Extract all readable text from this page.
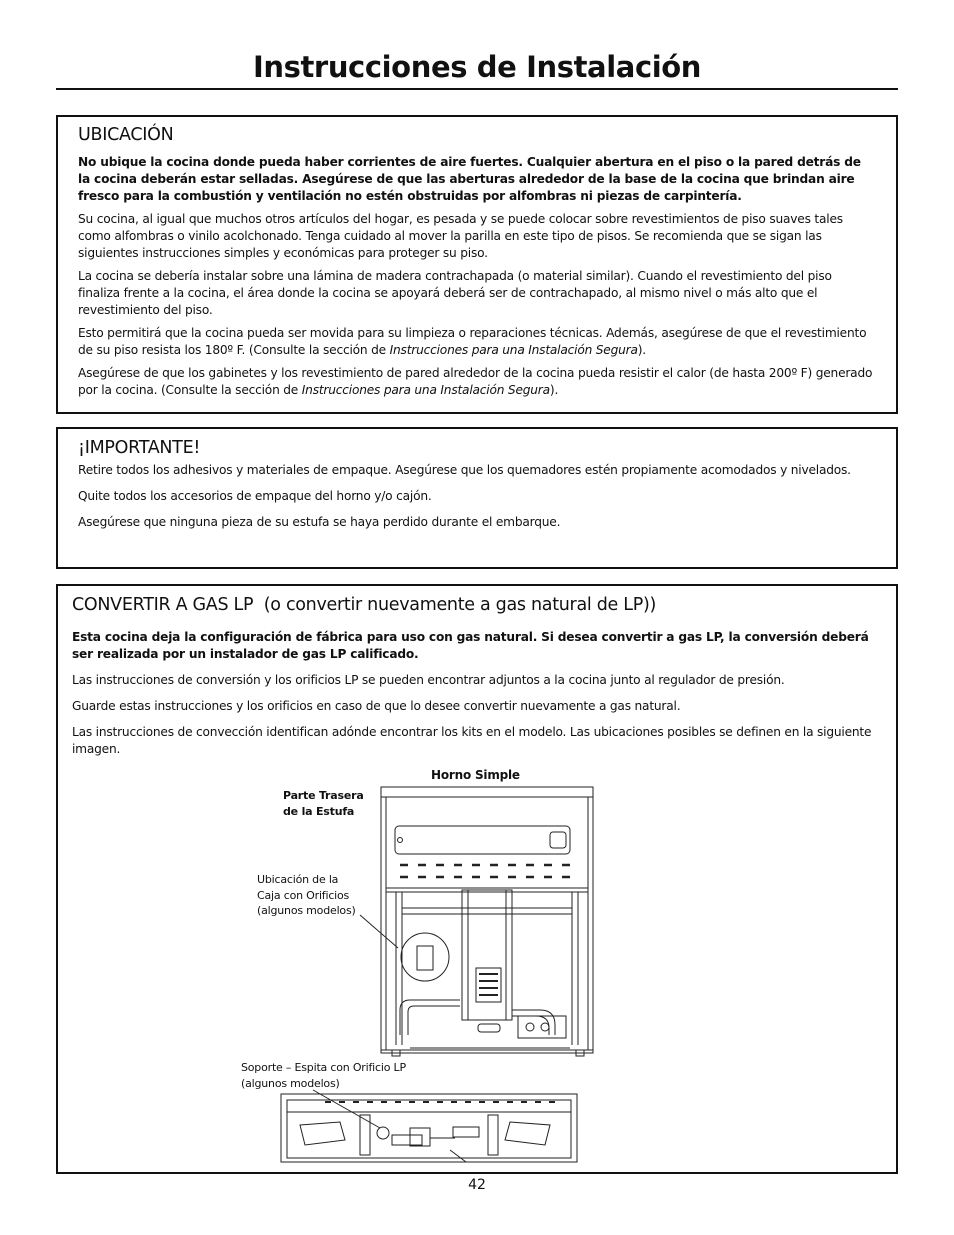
Instrucciones de Instalación
UBICACIÓN

No ubique la cocina donde pueda haber corrientes de aire fuertes. Cualquier abertura en el piso o la pared detrás de la cocina deberán estar selladas. Asegúrese de que las aberturas alrededor de la base de la cocina que brindan aire fresco para la combustión y ventilación no estén obstruidas por alfombras ni piezas de carpintería.

Su cocina, al igual que muchos otros artículos del hogar, es pesada y se puede colocar sobre revestimientos de piso suaves tales como alfombras o vinilo acolchonado. Tenga cuidado al mover la parilla en este tipo de pisos. Se recomienda que se sigan las siguientes instrucciones simples y económicas para proteger su piso.

La cocina se debería instalar sobre una lámina de madera contrachapada (o material similar). Cuando el revestimiento del piso finaliza frente a la cocina, el área donde la cocina se apoyará deberá ser de contrachapado, al mismo nivel o más alto que el revestimiento del piso.

Esto permitirá que la cocina pueda ser movida para su limpieza o reparaciones técnicas. Además, asegúrese de que el revestimiento de su piso resista los 180º F. (Consulte la sección de Instrucciones para una Instalación Segura).

Asegúrese de que los gabinetes y los revestimiento de pared alrededor de la cocina pueda resistir el calor (de hasta 200º F) generado por la cocina. (Consulte la sección de Instrucciones para una Instalación Segura).

¡IMPORTANTE!

Retire todos los adhesivos y materiales de empaque. Asegúrese que los quemadores estén propiamente acomodados y nivelados.

Quite todos los accesorios de empaque del horno y/o cajón.

Asegúrese que ninguna pieza de su estufa se haya perdido durante el embarque.

CONVERTIR A GAS LP (o convertir nuevamente a gas natural de LP))

Esta cocina deja la configuración de fábrica para uso con gas natural. Si desea convertir a gas LP, la conversión deberá ser realizada por un instalador de gas LP calificado.

Las instrucciones de conversión y los orificios LP se pueden encontrar adjuntos a la cocina junto al regulador de presión.

Guarde estas instrucciones y los orificios en caso de que lo desee convertir nuevamente a gas natural.

Las instrucciones de convección identifican adónde encontrar los kits en el modelo. Las ubicaciones posibles se definen en la siguiente imagen.

Horno Simple
Parte Trasera
de la Estufa
Ubicación de la
Caja con Orificios
(algunos modelos)
Soporte – Espita con Orificio LP
(algunos modelos)
42
